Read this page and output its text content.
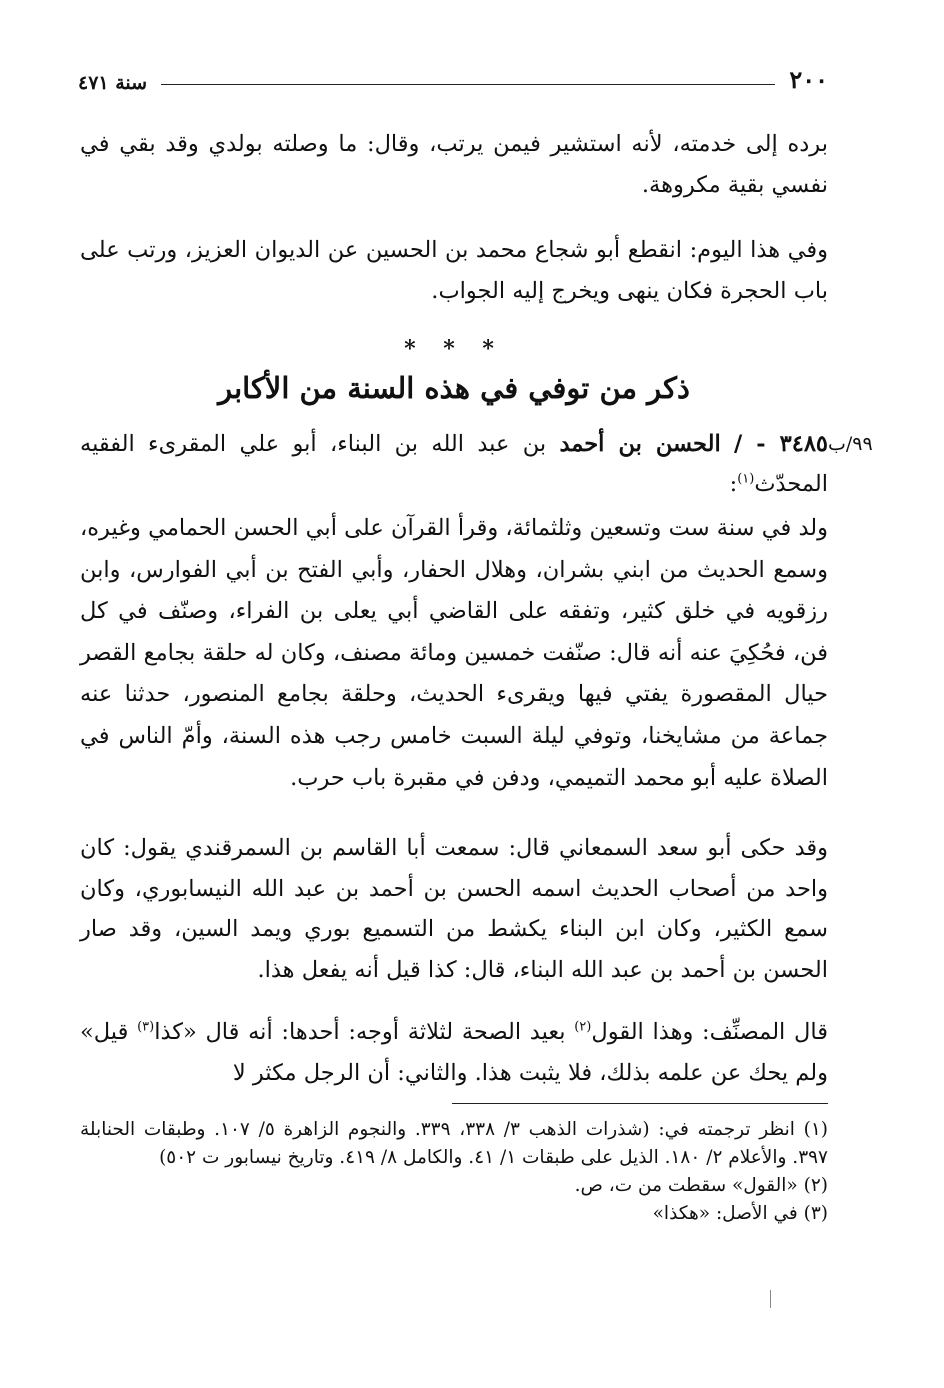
٢٠٠
سنة ٤٧١

برده إلى خدمته، لأنه استشير فيمن يرتب، وقال: ما وصلته بولدي وقد بقي في نفسي بقية مكروهة.

وفي هذا اليوم: انقطع أبو شجاع محمد بن الحسين عن الديوان العزيز، ورتب على باب الحجرة فكان ينهى ويخرج إليه الجواب.

* * *
ذكر من توفي في هذه السنة من الأكابر
٩٩/ب

٣٤٨٥ - / الحسن بن أحمد بن عبد الله بن البناء، أبو علي المقرىء الفقيه المحدّث$^{(١)}$:

ولد في سنة ست وتسعين وثلثمائة، وقرأ القرآن على أبي الحسن الحمامي وغيره، وسمع الحديث من ابني بشران، وهلال الحفار، وأبي الفتح بن أبي الفوارس، وابن رزقويه في خلق كثير، وتفقه على القاضي أبي يعلى بن الفراء، وصنّف في كل فن، فحُكِيَ عنه أنه قال: صنّفت خمسين ومائة مصنف، وكان له حلقة بجامع القصر حيال المقصورة يفتي فيها ويقرىء الحديث، وحلقة بجامع المنصور، حدثنا عنه جماعة من مشايخنا، وتوفي ليلة السبت خامس رجب هذه السنة، وأمّ الناس في الصلاة عليه أبو محمد التميمي، ودفن في مقبرة باب حرب.

وقد حكى أبو سعد السمعاني قال: سمعت أبا القاسم بن السمرقندي يقول: كان واحد من أصحاب الحديث اسمه الحسن بن أحمد بن عبد الله النيسابوري، وكان سمع الكثير، وكان ابن البناء يكشط من التسميع بوري ويمد السين، وقد صار الحسن بن أحمد بن عبد الله البناء، قال: كذا قيل أنه يفعل هذا.

قال المصنِّف: وهذا القول$^{(٢)}$ بعيد الصحة لثلاثة أوجه: أحدها: أنه قال «كذا$^{(٣)}$ قيل» ولم يحك عن علمه بذلك، فلا يثبت هذا. والثاني: أن الرجل مكثر لا

(١) انظر ترجمته في: (شذرات الذهب ٣/ ٣٣٨، ٣٣٩. والنجوم الزاهرة ٥/ ١٠٧. وطبقات الحنابلة ٣٩٧. والأعلام ٢/ ١٨٠. الذيل على طبقات ١/ ٤١. والكامل ٨/ ٤١٩. وتاريخ نيسابور ت ٥٠٢)

(٢) «القول» سقطت من ت، ص.

(٣) في الأصل: «هكذا»
